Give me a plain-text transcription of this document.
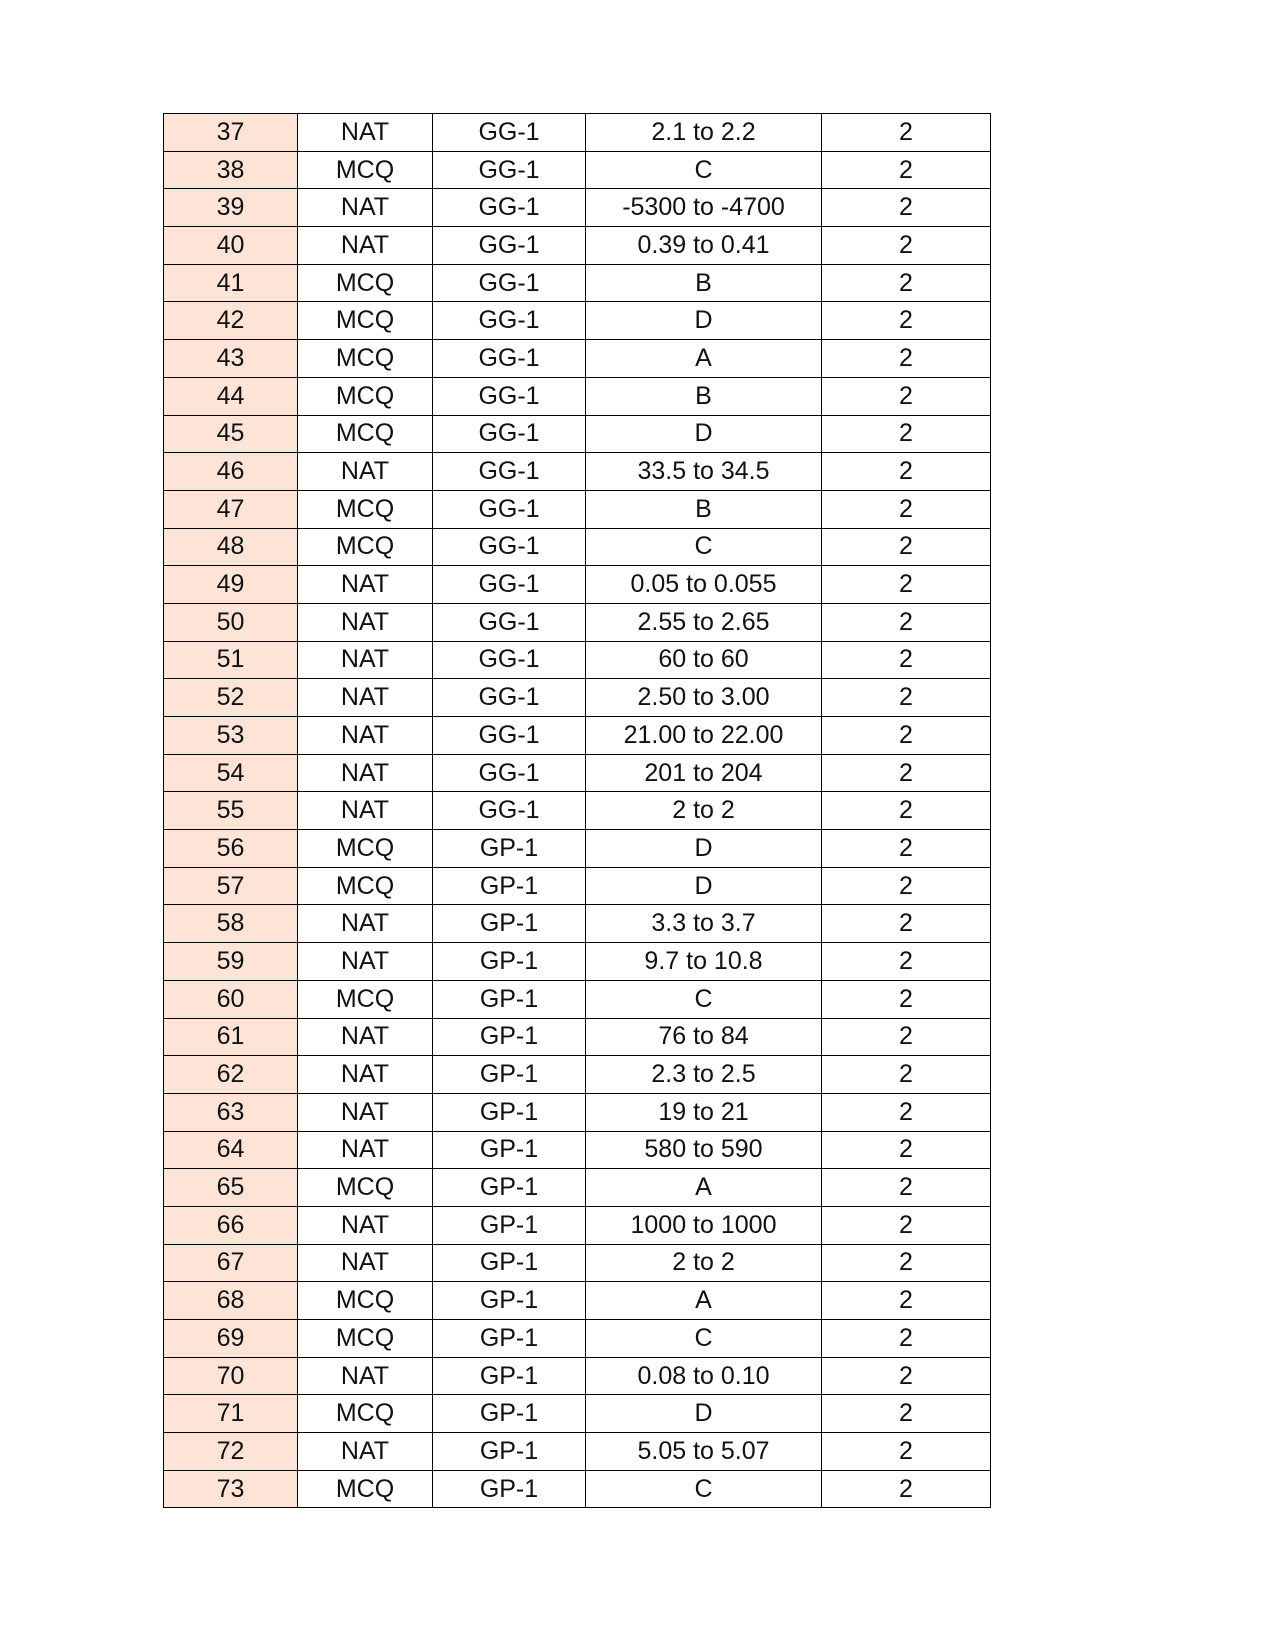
37	NAT	GG-1	2.1 to 2.2	2
38	MCQ	GG-1	C	2
39	NAT	GG-1	-5300 to -4700	2
40	NAT	GG-1	0.39 to 0.41	2
41	MCQ	GG-1	B	2
42	MCQ	GG-1	D	2
43	MCQ	GG-1	A	2
44	MCQ	GG-1	B	2
45	MCQ	GG-1	D	2
46	NAT	GG-1	33.5 to 34.5	2
47	MCQ	GG-1	B	2
48	MCQ	GG-1	C	2
49	NAT	GG-1	0.05 to 0.055	2
50	NAT	GG-1	2.55 to 2.65	2
51	NAT	GG-1	60 to 60	2
52	NAT	GG-1	2.50 to 3.00	2
53	NAT	GG-1	21.00 to 22.00	2
54	NAT	GG-1	201 to 204	2
55	NAT	GG-1	2 to 2	2
56	MCQ	GP-1	D	2
57	MCQ	GP-1	D	2
58	NAT	GP-1	3.3 to 3.7	2
59	NAT	GP-1	9.7 to 10.8	2
60	MCQ	GP-1	C	2
61	NAT	GP-1	76 to 84	2
62	NAT	GP-1	2.3 to 2.5	2
63	NAT	GP-1	19 to 21	2
64	NAT	GP-1	580 to 590	2
65	MCQ	GP-1	A	2
66	NAT	GP-1	1000 to 1000	2
67	NAT	GP-1	2 to 2	2
68	MCQ	GP-1	A	2
69	MCQ	GP-1	C	2
70	NAT	GP-1	0.08 to 0.10	2
71	MCQ	GP-1	D	2
72	NAT	GP-1	5.05 to 5.07	2
73	MCQ	GP-1	C	2
